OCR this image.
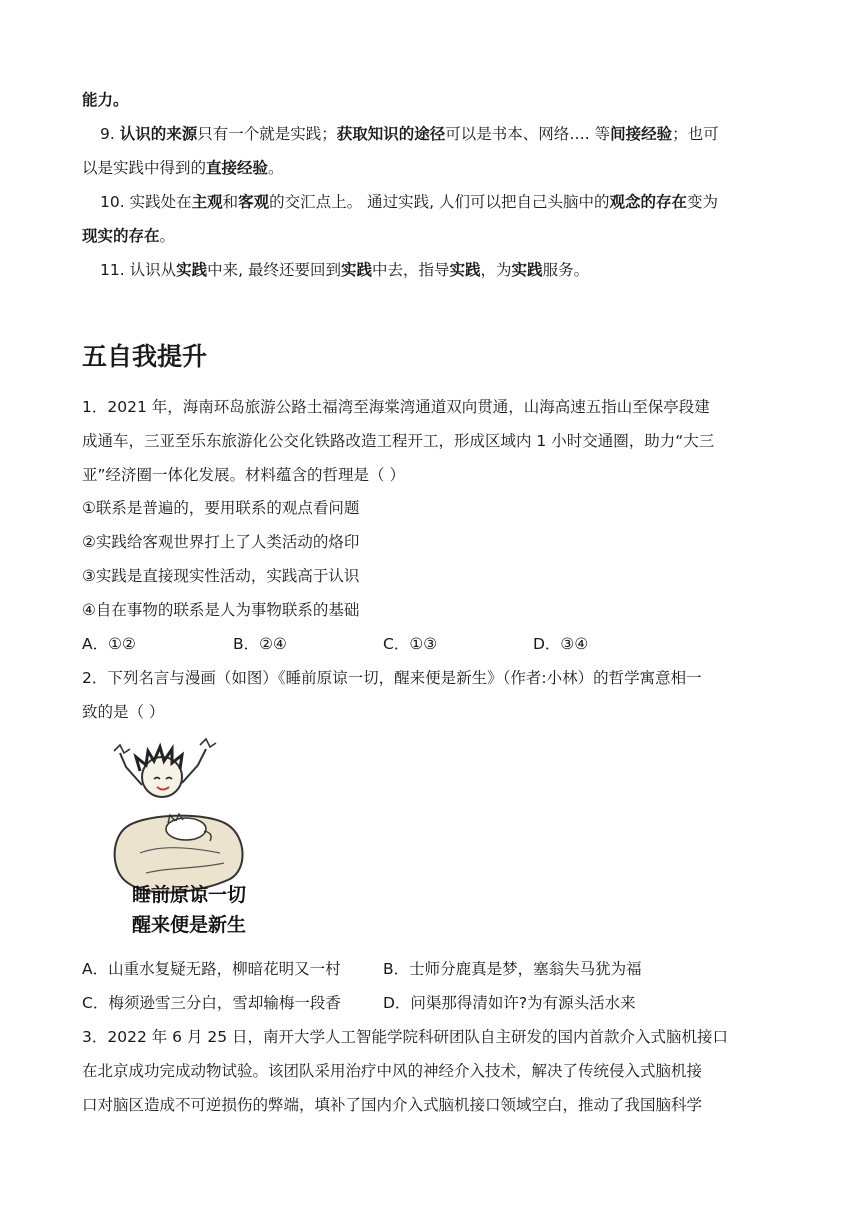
能力。
9. 认识的来源只有一个就是实践；获取知识的途径可以是书本、网络…. 等间接经验；也可
以是实践中得到的直接经验。
10. 实践处在主观和客观的交汇点上。 通过实践, 人们可以把自己头脑中的观念的存在变为
现实的存在。
11. 认识从实践中来, 最终还要回到实践中去，指导实践，为实践服务。
五自我提升
1．2021 年，海南环岛旅游公路土福湾至海棠湾通道双向贯通，山海高速五指山至保亭段建
成通车，三亚至乐东旅游化公交化铁路改造工程开工，形成区域内 1 小时交通圈，助力“大三
亚”经济圈一体化发展。材料蕴含的哲理是（ ）
①联系是普遍的，要用联系的观点看问题
②实践给客观世界打上了人类活动的烙印
③实践是直接现实性活动，实践高于认识
④自在事物的联系是人为事物联系的基础
A．①②	B．②④	C．①③	D．③④
2．下列名言与漫画（如图）《睡前原谅一切，醒来便是新生》（作者:小林）的哲学寓意相一
致的是（ ）
睡前原谅一切
醒来便是新生
A．山重水复疑无路，柳暗花明又一村	B．士师分鹿真是梦，塞翁失马犹为福
C．梅须逊雪三分白，雪却输梅一段香	D．问渠那得清如许?为有源头活水来
3．2022 年 6 月 25 日，南开大学人工智能学院科研团队自主研发的国内首款介入式脑机接口
在北京成功完成动物试验。该团队采用治疗中风的神经介入技术，解决了传统侵入式脑机接
口对脑区造成不可逆损伤的弊端，填补了国内介入式脑机接口领域空白，推动了我国脑科学
